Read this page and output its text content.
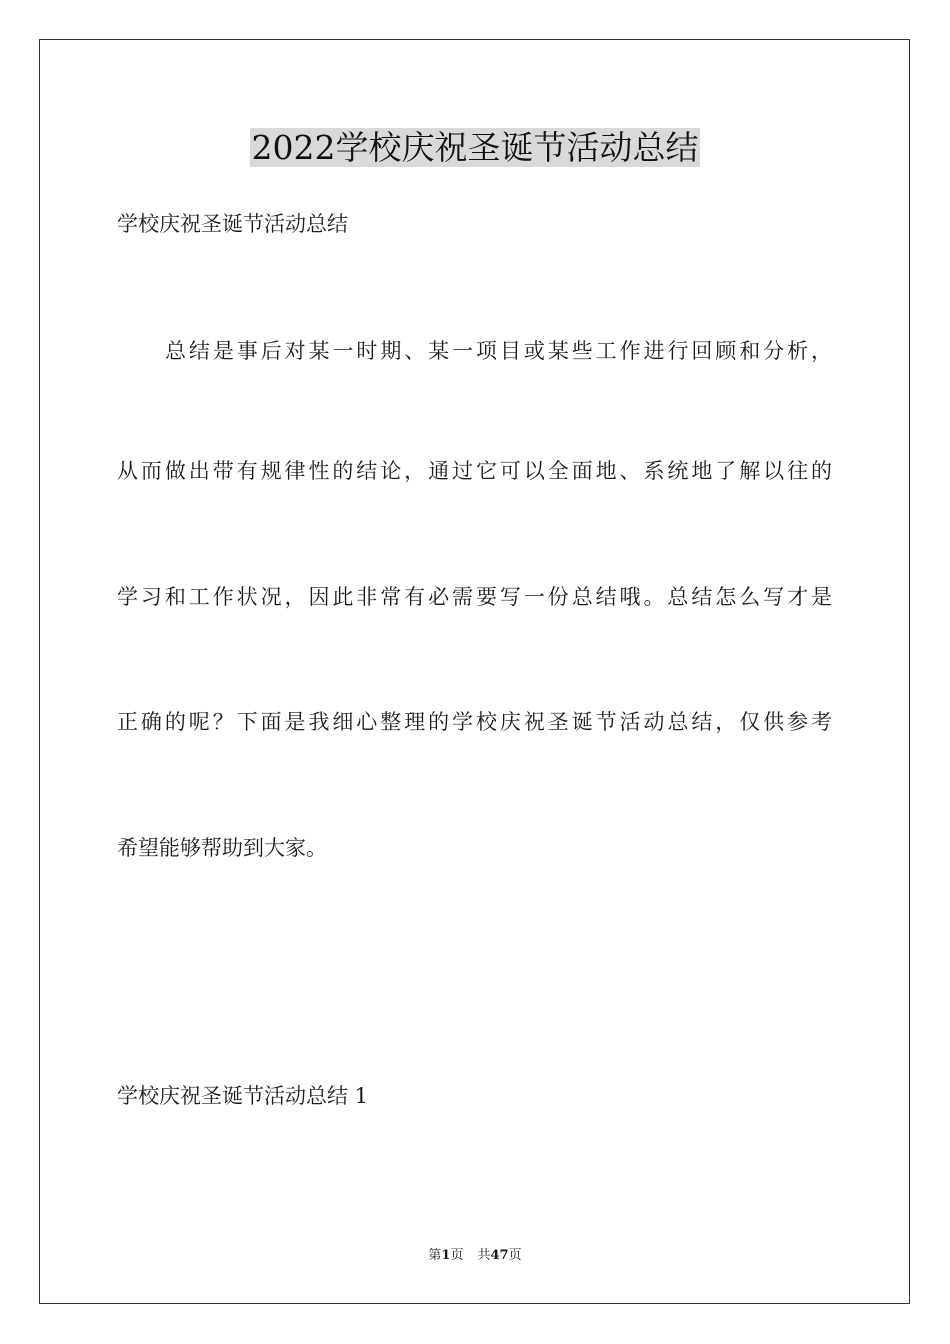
2022学校庆祝圣诞节活动总结
学校庆祝圣诞节活动总结
总结是事后对某一时期、某一项目或某些工作进行回顾和分析，
从而做出带有规律性的结论，通过它可以全面地、系统地了解以往的
学习和工作状况，因此非常有必需要写一份总结哦。总结怎么写才是
正确的呢？下面是我细心整理的学校庆祝圣诞节活动总结，仅供参考
希望能够帮助到大家。
学校庆祝圣诞节活动总结 1
第1页 共47页
